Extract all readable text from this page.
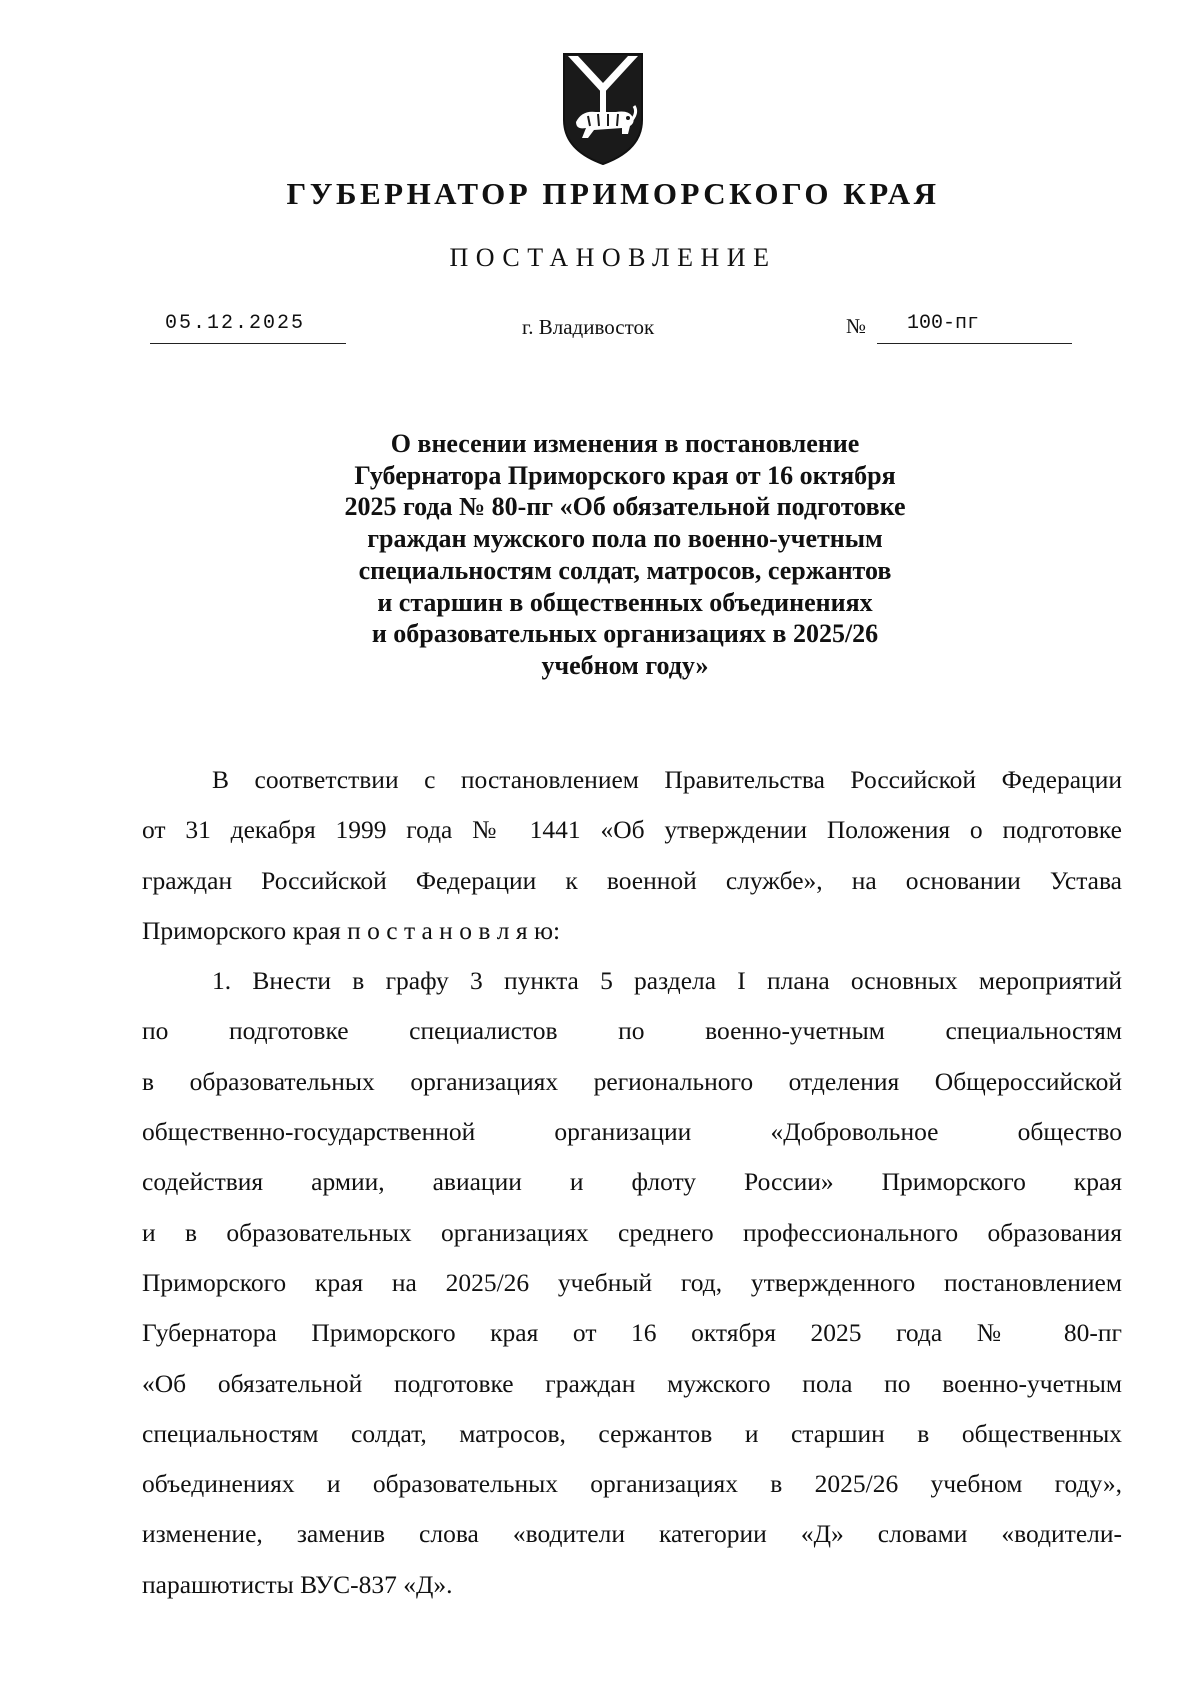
ГУБЕРНАТОР ПРИМОРСКОГО КРАЯ
ПОСТАНОВЛЕНИЕ
05.12.2025	г. Владивосток	№	100-пг
О внесении изменения в постановление
Губернатора Приморского края от 16 октября
2025 года № 80-пг «Об обязательной подготовке
граждан мужского пола по военно-учетным
специальностям солдат, матросов, сержантов
и старшин в общественных объединениях
и образовательных организациях в 2025/26
учебном году»
В соответствии с постановлением Правительства Российской Федерации
от 31 декабря 1999 года № 1441 «Об утверждении Положения о подготовке
граждан Российской Федерации к военной службе», на основании Устава
Приморского края п о с т а н о в л я ю:
1. Внести в графу 3 пункта 5 раздела I плана основных мероприятий
по подготовке специалистов по военно-учетным специальностям
в образовательных организациях регионального отделения Общероссийской
общественно-государственной организации «Добровольное общество
содействия армии, авиации и флоту России» Приморского края
и в образовательных организациях среднего профессионального образования
Приморского края на 2025/26 учебный год, утвержденного постановлением
Губернатора Приморского края от 16 октября 2025 года № 80-пг
«Об обязательной подготовке граждан мужского пола по военно-учетным
специальностям солдат, матросов, сержантов и старшин в общественных
объединениях и образовательных организациях в 2025/26 учебном году»,
изменение, заменив слова «водители категории «Д» словами «водители-
парашютисты ВУС-837 «Д».
